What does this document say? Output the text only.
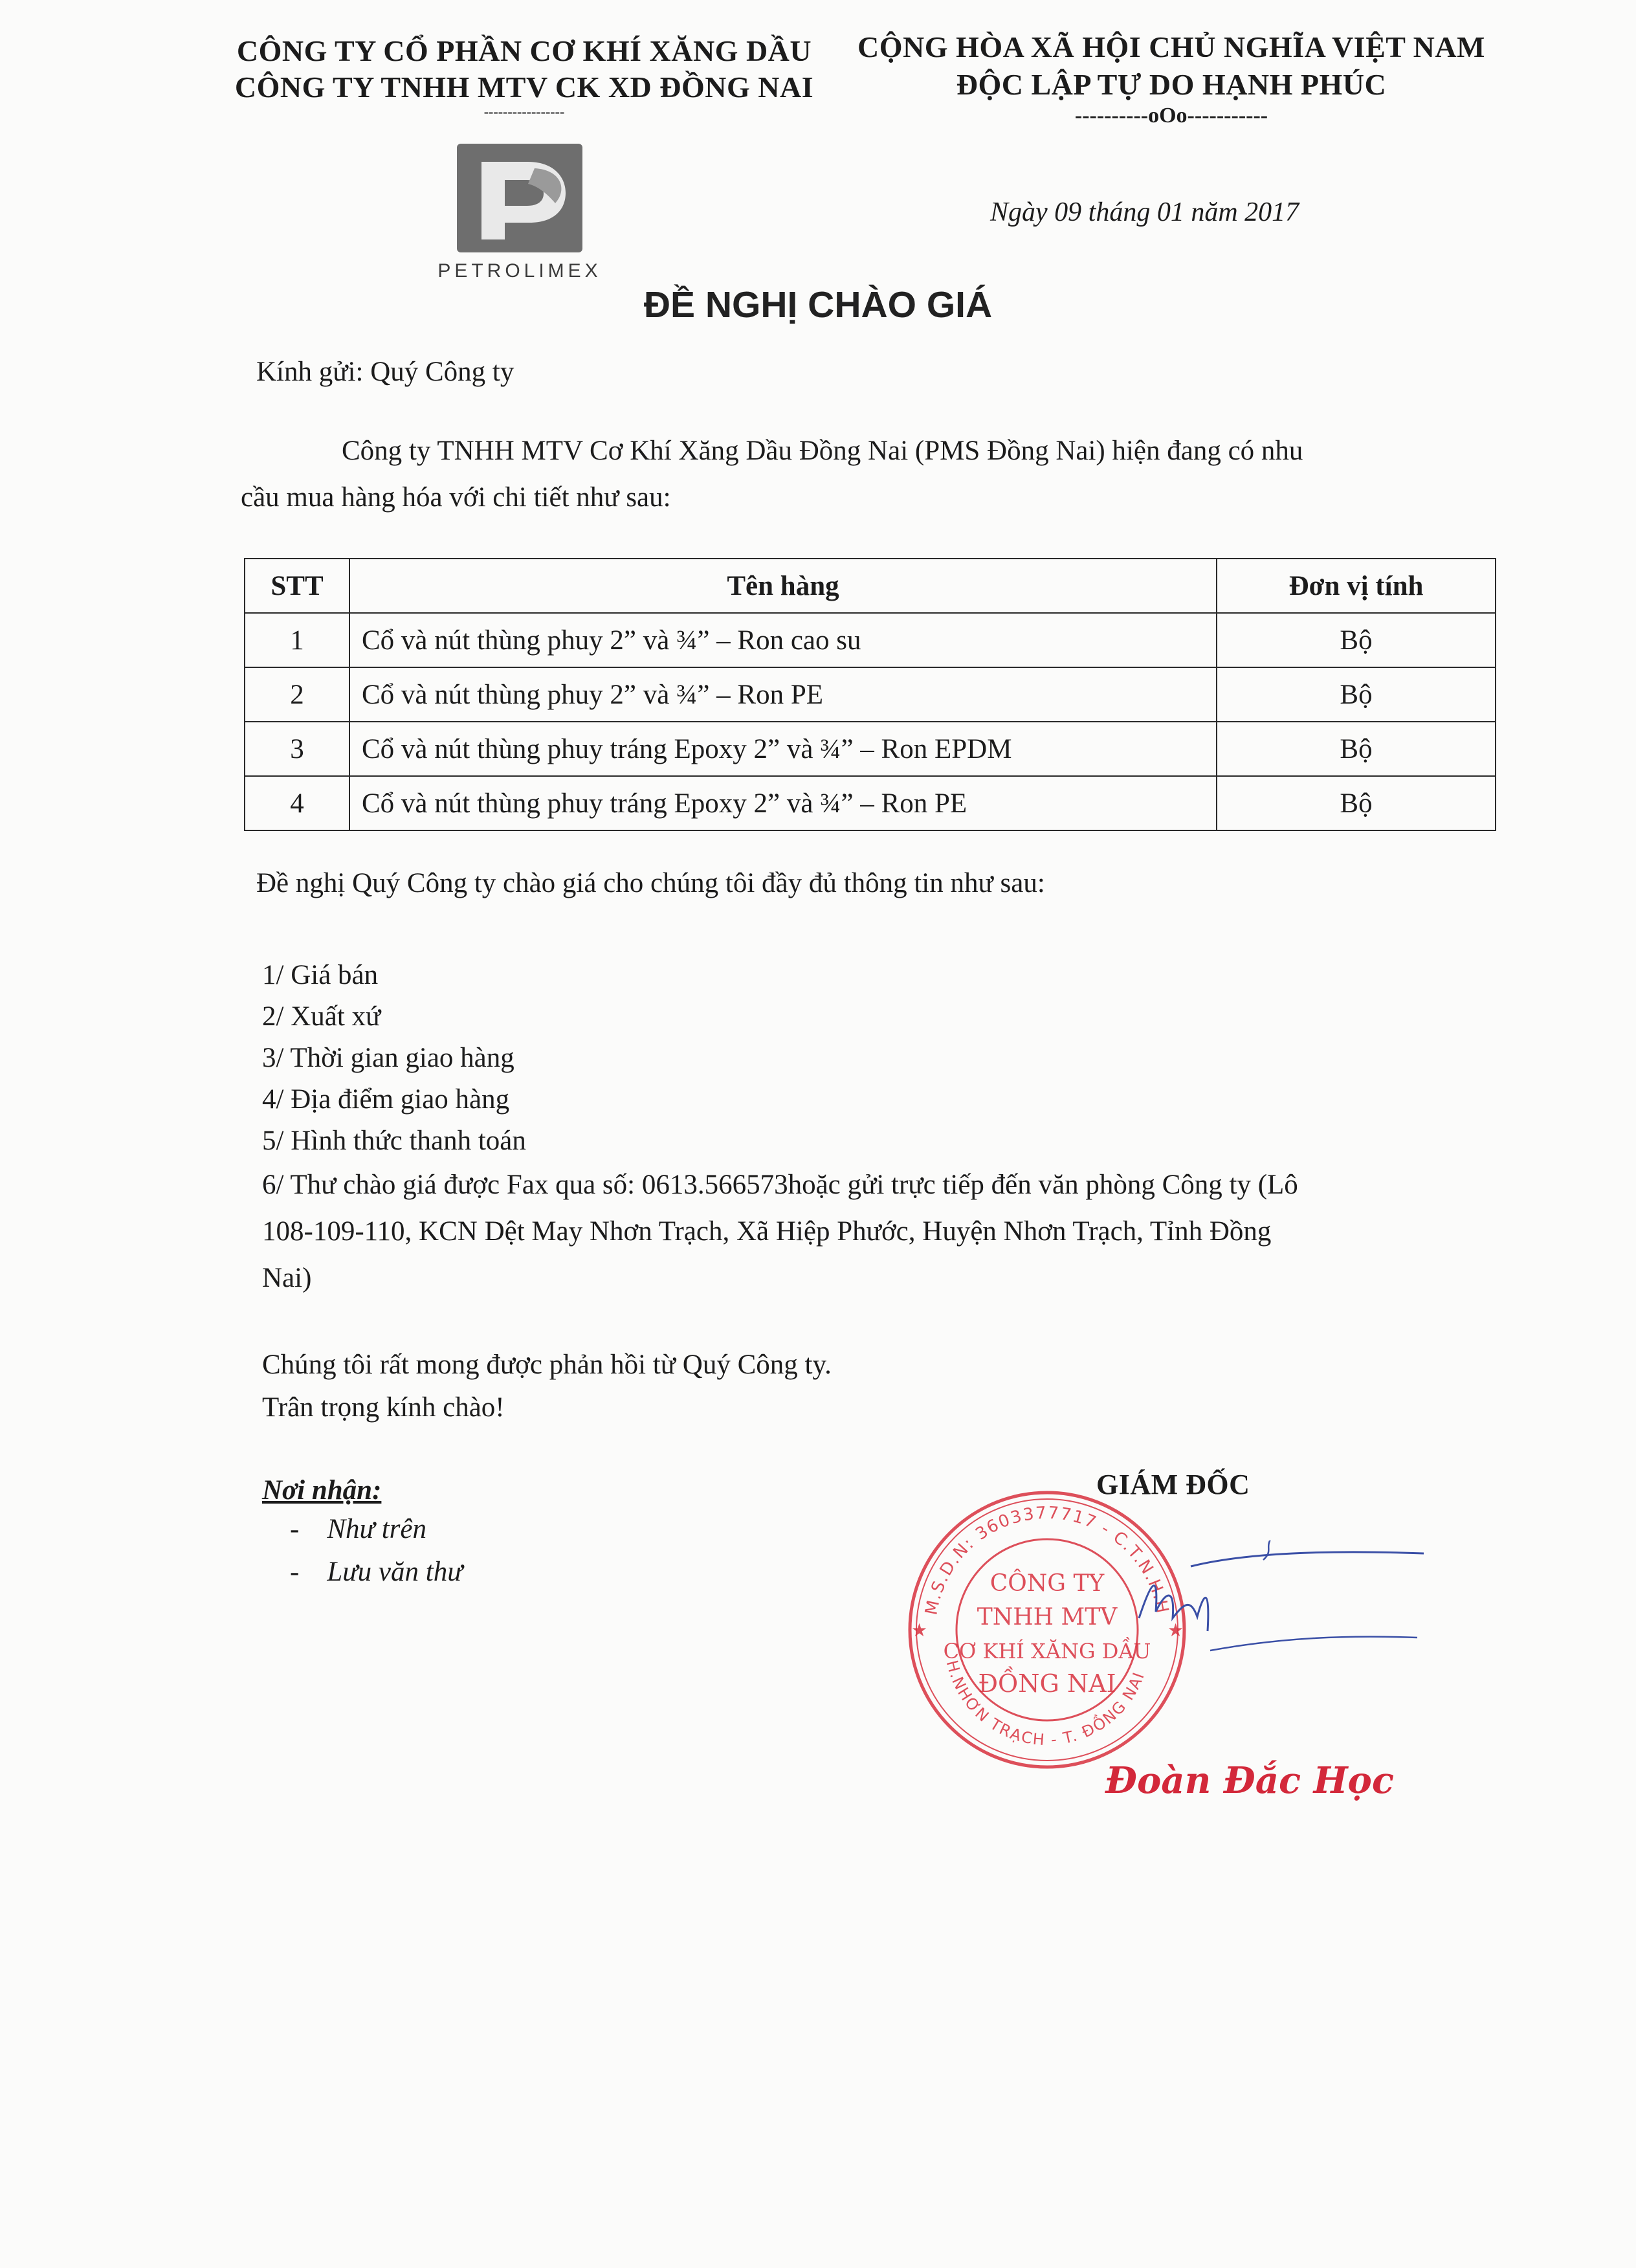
CÔNG TY CỔ PHẦN CƠ KHÍ XĂNG DẦU
CÔNG TY TNHH MTV CK XD ĐỒNG NAI
-----------------
CỘNG HÒA XÃ HỘI CHỦ NGHĨA VIỆT NAM
ĐỘC LẬP TỰ DO HẠNH PHÚC
----------oOo-----------
PETROLIMEX
Ngày 09 tháng 01 năm 2017
ĐỀ NGHỊ CHÀO GIÁ
Kính gửi: Quý Công ty
Công ty TNHH MTV Cơ Khí Xăng Dầu Đồng Nai (PMS Đồng Nai) hiện đang có nhu
cầu mua hàng hóa với chi tiết như sau:
STT	Tên hàng	Đơn vị tính
1	Cổ và nút thùng phuy 2” và ¾” – Ron cao su	Bộ
2	Cổ và nút thùng phuy 2” và ¾” – Ron PE	Bộ
3	Cổ và nút thùng phuy tráng Epoxy 2” và ¾” – Ron EPDM	Bộ
4	Cổ và nút thùng phuy tráng Epoxy 2” và ¾” – Ron PE	Bộ
Đề nghị Quý Công ty chào giá cho chúng tôi đầy đủ thông tin như sau:
1/ Giá bán
2/ Xuất xứ
3/ Thời gian giao hàng
4/ Địa điểm giao hàng
5/ Hình thức thanh toán
6/ Thư chào giá được Fax qua số: 0613.566573hoặc gửi trực tiếp đến văn phòng Công ty (Lô
108-109-110, KCN Dệt May Nhơn Trạch, Xã Hiệp Phước, Huyện Nhơn Trạch, Tỉnh Đồng
Nai)
Chúng tôi rất mong được phản hồi từ Quý Công ty.
Trân trọng kính chào!
Nơi nhận:
-    Như trên
-    Lưu văn thư
GIÁM ĐỐC
M.S.D.N: 3603377717 - C.T.N.H.H
H.NHƠN TRẠCH - T. ĐỒNG NAI
CÔNG TY
TNHH MTV
CƠ KHÍ XĂNG DẦU
ĐỒNG NAI
★	★
Đoàn Đắc Học
